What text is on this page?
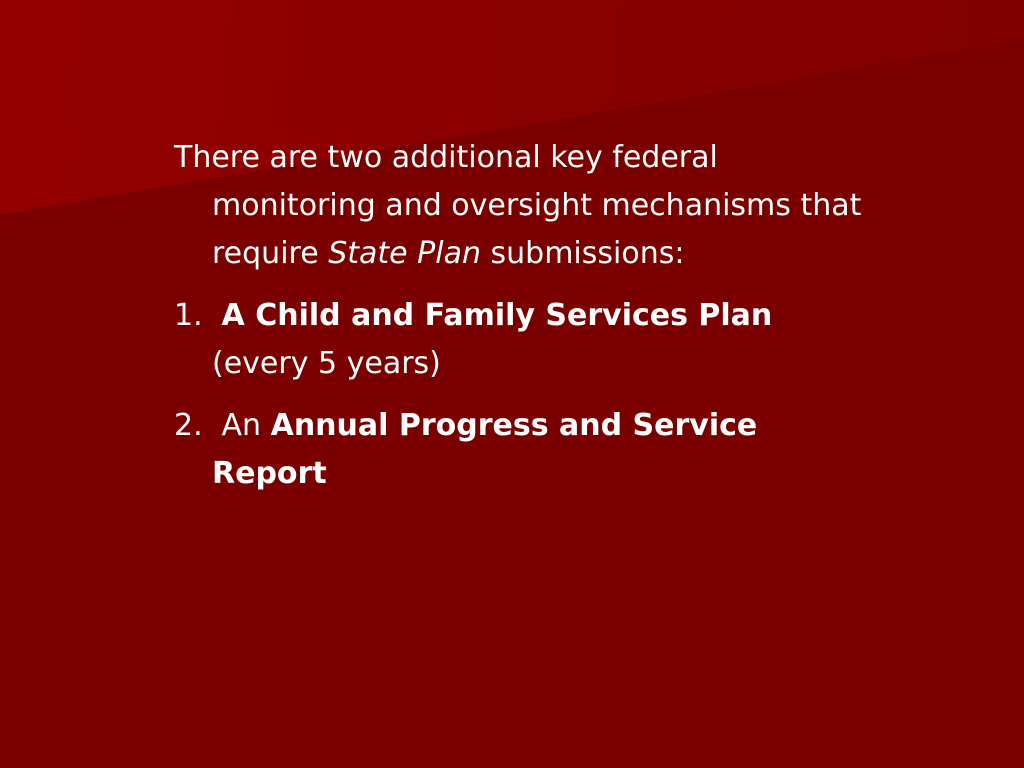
There are two additional key federal monitoring and oversight mechanisms that require State Plan submissions:

1. A Child and Family Services Plan (every 5 years)

2. An Annual Progress and Service Report
